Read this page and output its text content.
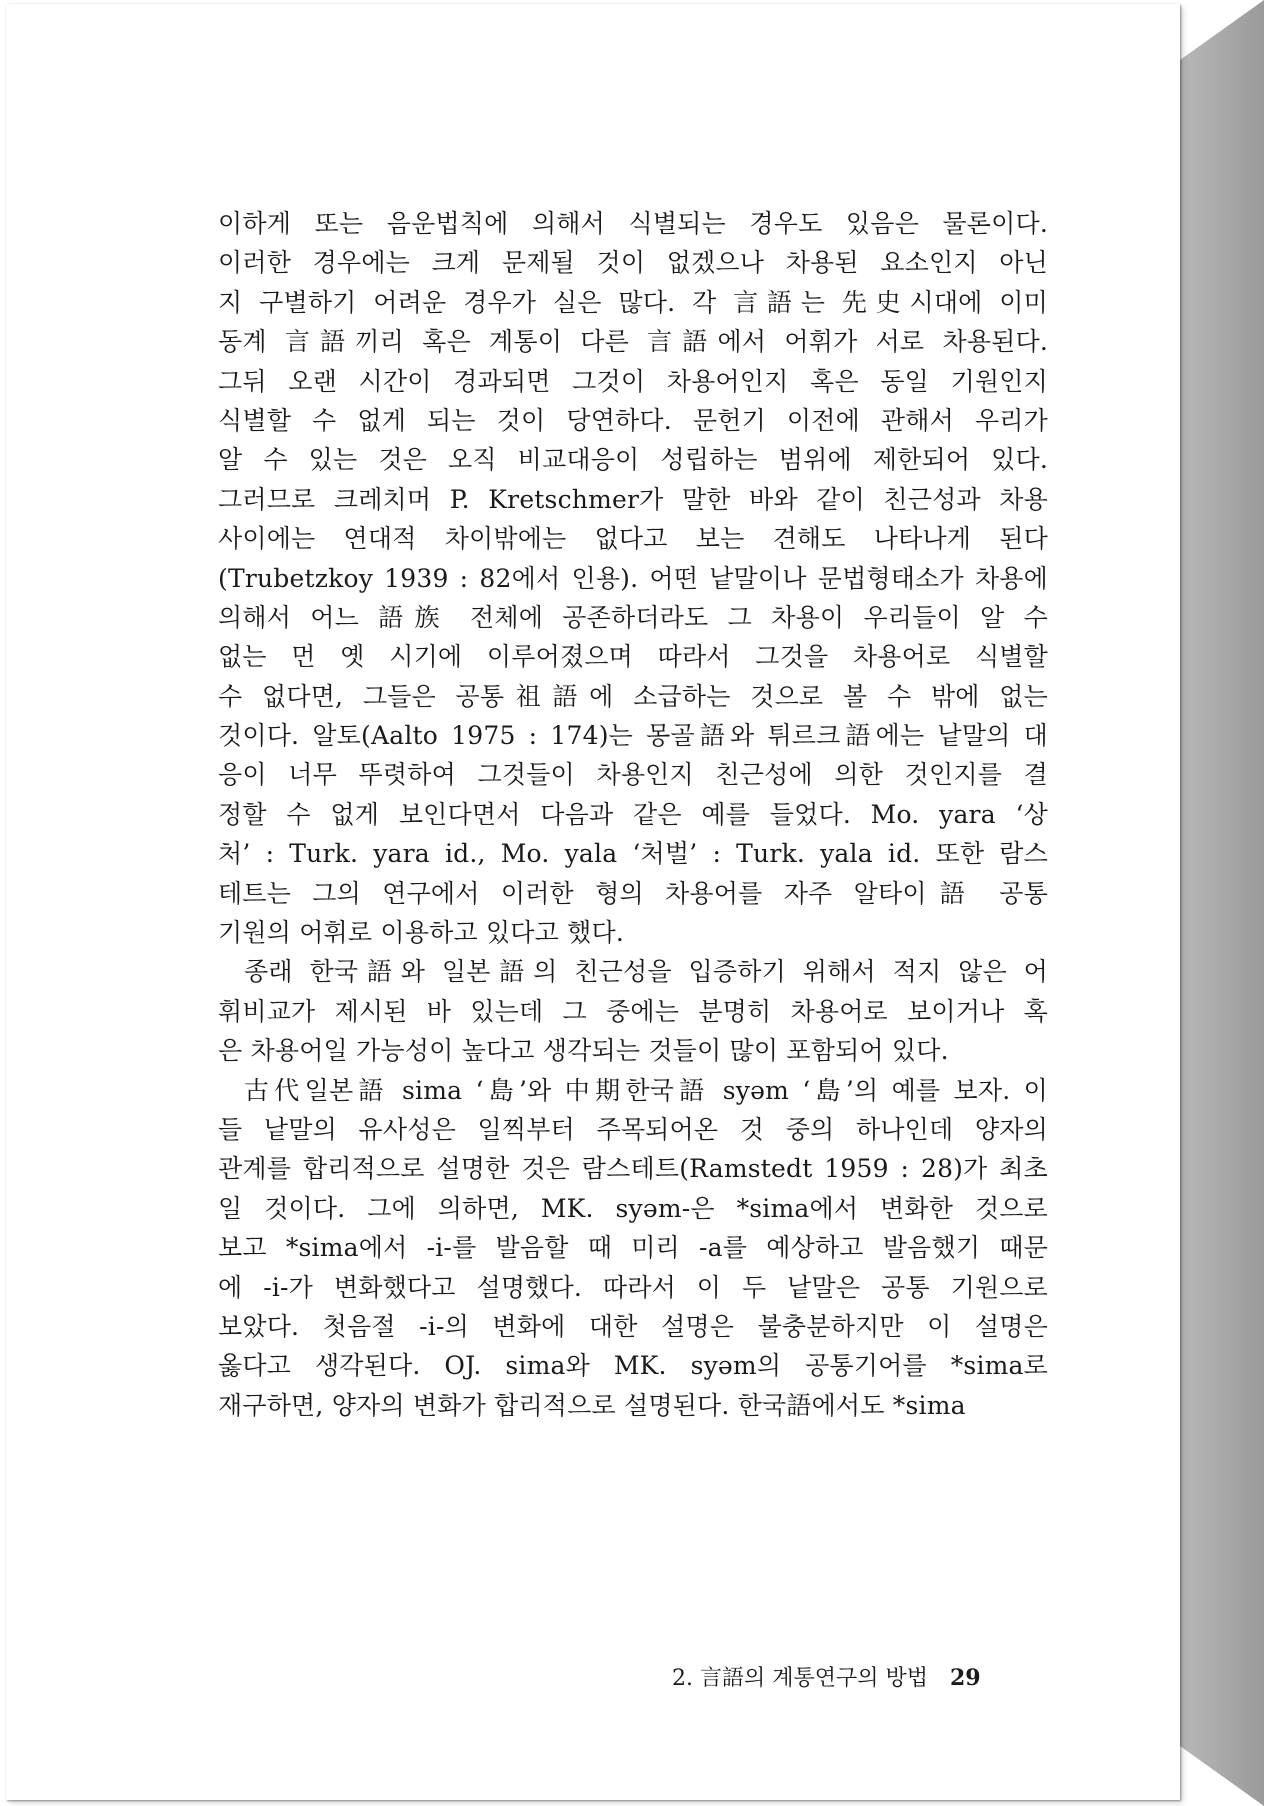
이하게 또는 음운법칙에 의해서 식별되는 경우도 있음은 물론이다.
이러한 경우에는 크게 문제될 것이 없겠으나 차용된 요소인지 아닌
지 구별하기 어려운 경우가 실은 많다. 각 言語는 先史시대에 이미
동계 言語끼리 혹은 계통이 다른 言語에서 어휘가 서로 차용된다.
그뒤 오랜 시간이 경과되면 그것이 차용어인지 혹은 동일 기원인지
식별할 수 없게 되는 것이 당연하다. 문헌기 이전에 관해서 우리가
알 수 있는 것은 오직 비교대응이 성립하는 범위에 제한되어 있다.
그러므로 크레치머 P. Kretschmer가 말한 바와 같이 친근성과 차용
사이에는 연대적 차이밖에는 없다고 보는 견해도 나타나게 된다
(Trubetzkoy 1939 : 82에서 인용). 어떤 낱말이나 문법형태소가 차용에
의해서 어느 語族 전체에 공존하더라도 그 차용이 우리들이 알 수
없는 먼 옛 시기에 이루어졌으며 따라서 그것을 차용어로 식별할
수 없다면, 그들은 공통祖語에 소급하는 것으로 볼 수 밖에 없는
것이다. 알토(Aalto 1975 : 174)는 몽골語와 튀르크語에는 낱말의 대
응이 너무 뚜렷하여 그것들이 차용인지 친근성에 의한 것인지를 결
정할 수 없게 보인다면서 다음과 같은 예를 들었다. Mo. yara ‘상
처’ : Turk. yara id., Mo. yala ‘처벌’ : Turk. yala id. 또한 람스
테트는 그의 연구에서 이러한 형의 차용어를 자주 알타이語 공통
기원의 어휘로 이용하고 있다고 했다.
종래 한국語와 일본語의 친근성을 입증하기 위해서 적지 않은 어
휘비교가 제시된 바 있는데 그 중에는 분명히 차용어로 보이거나 혹
은 차용어일 가능성이 높다고 생각되는 것들이 많이 포함되어 있다.
古代일본語 sima ‘島’와 中期한국語 syəm ‘島’의 예를 보자. 이
들 낱말의 유사성은 일찍부터 주목되어온 것 중의 하나인데 양자의
관계를 합리적으로 설명한 것은 람스테트(Ramstedt 1959 : 28)가 최초
일 것이다. 그에 의하면, MK. syəm-은 *sima에서 변화한 것으로
보고 *sima에서 -i-를 발음할 때 미리 -a를 예상하고 발음했기 때문
에 -i-가 변화했다고 설명했다. 따라서 이 두 낱말은 공통 기원으로
보았다. 첫음절 -i-의 변화에 대한 설명은 불충분하지만 이 설명은
옳다고 생각된다. OJ. sima와 MK. syəm의 공통기어를 *sima로
재구하면, 양자의 변화가 합리적으로 설명된다. 한국語에서도 *sima
2. 言語의 계통연구의 방법 29
